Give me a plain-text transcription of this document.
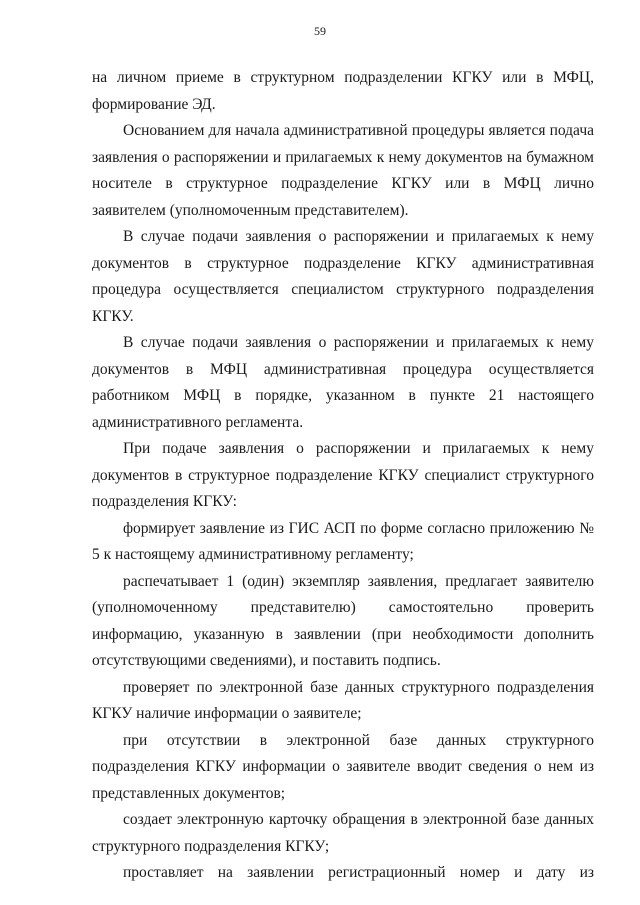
59

на личном приеме в структурном подразделении КГКУ или в МФЦ, формирование ЭД.

Основанием для начала административной процедуры является подача заявления о распоряжении и прилагаемых к нему документов на бумажном носителе в структурное подразделение КГКУ или в МФЦ лично заявителем (уполномоченным представителем).

В случае подачи заявления о распоряжении и прилагаемых к нему документов в структурное подразделение КГКУ административная процедура осуществляется специалистом структурного подразделения КГКУ.

В случае подачи заявления о распоряжении и прилагаемых к нему документов в МФЦ административная процедура осуществляется работником МФЦ в порядке, указанном в пункте 21 настоящего административного регламента.

При подаче заявления о распоряжении и прилагаемых к нему документов в структурное подразделение КГКУ специалист структурного подразделения КГКУ:

формирует заявление из ГИС АСП по форме согласно приложению № 5 к настоящему административному регламенту;

распечатывает 1 (один) экземпляр заявления, предлагает заявителю (уполномоченному представителю) самостоятельно проверить информацию, указанную в заявлении (при необходимости дополнить отсутствующими сведениями), и поставить подпись.

проверяет по электронной базе данных структурного подразделения КГКУ наличие информации о заявителе;

при отсутствии в электронной базе данных структурного подразделения КГКУ информации о заявителе вводит сведения о нем из представленных документов;

создает электронную карточку обращения в электронной базе данных структурного подразделения КГКУ;

проставляет на заявлении регистрационный номер и дату из
